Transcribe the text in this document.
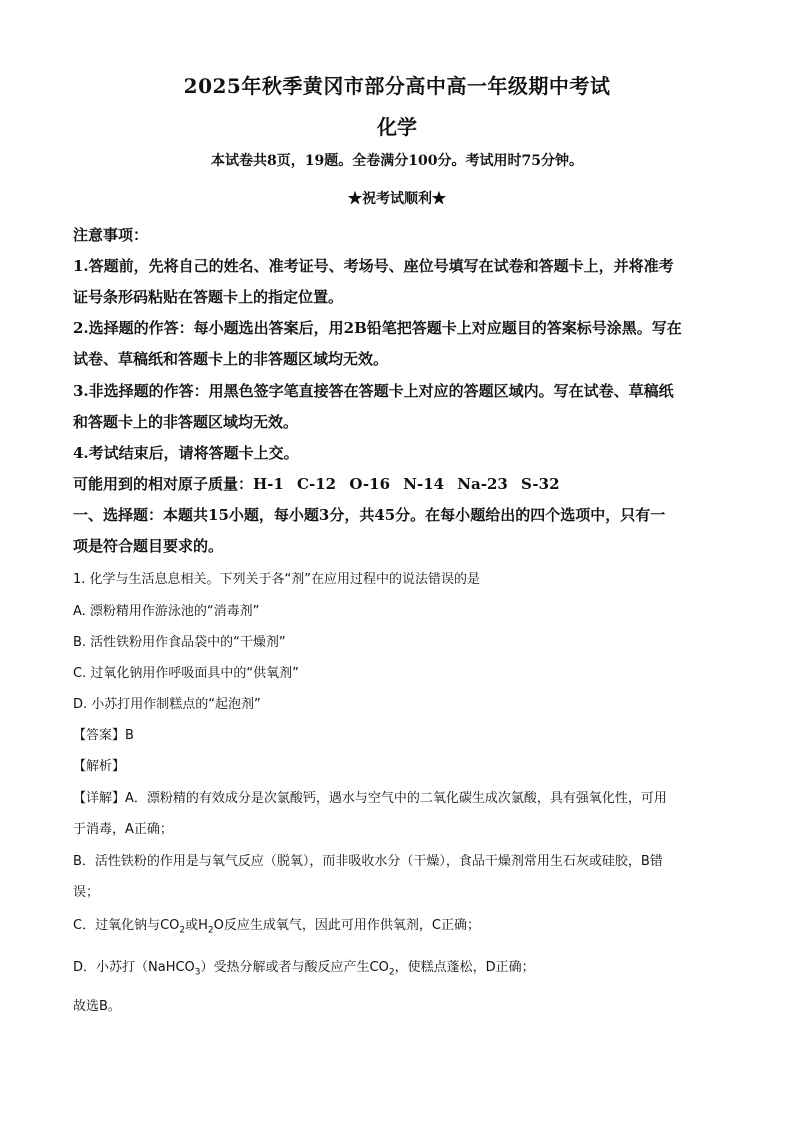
2025年秋季黄冈市部分高中高一年级期中考试
化学
本试卷共8页，19题。全卷满分100分。考试用时75分钟。
★祝考试顺利★
注意事项：
1.答题前，先将自己的姓名、准考证号、考场号、座位号填写在试卷和答题卡上，并将准考
证号条形码粘贴在答题卡上的指定位置。
2.选择题的作答：每小题选出答案后，用2B铅笔把答题卡上对应题目的答案标号涂黑。写在
试卷、草稿纸和答题卡上的非答题区域均无效。
3.非选择题的作答：用黑色签字笔直接答在答题卡上对应的答题区域内。写在试卷、草稿纸
和答题卡上的非答题区域均无效。
4.考试结束后，请将答题卡上交。
可能用到的相对原子质量：H-1 C-12 O-16 N-14 Na-23 S-32
一、选择题：本题共15小题，每小题3分，共45分。在每小题给出的四个选项中，只有一
项是符合题目要求的。
1. 化学与生活息息相关。下列关于各“剂”在应用过程中的说法错误的是
A. 漂粉精用作游泳池的“消毒剂”
B. 活性铁粉用作食品袋中的“干燥剂”
C. 过氧化钠用作呼吸面具中的“供氧剂”
D. 小苏打用作制糕点的“起泡剂”
【答案】B
【解析】
【详解】A．漂粉精的有效成分是次氯酸钙，遇水与空气中的二氧化碳生成次氯酸，具有强氧化性，可用
于消毒，A正确；
B．活性铁粉的作用是与氧气反应（脱氧），而非吸收水分（干燥），食品干燥剂常用生石灰或硅胶，B错
误；
C．过氧化钠与$CO_2$或$H_2O$反应生成氧气，因此可用作供氧剂，C正确；
D．小苏打（NaHCO$_3$）受热分解或者与酸反应产生$CO_2$，使糕点蓬松，D正确；
故选B。
